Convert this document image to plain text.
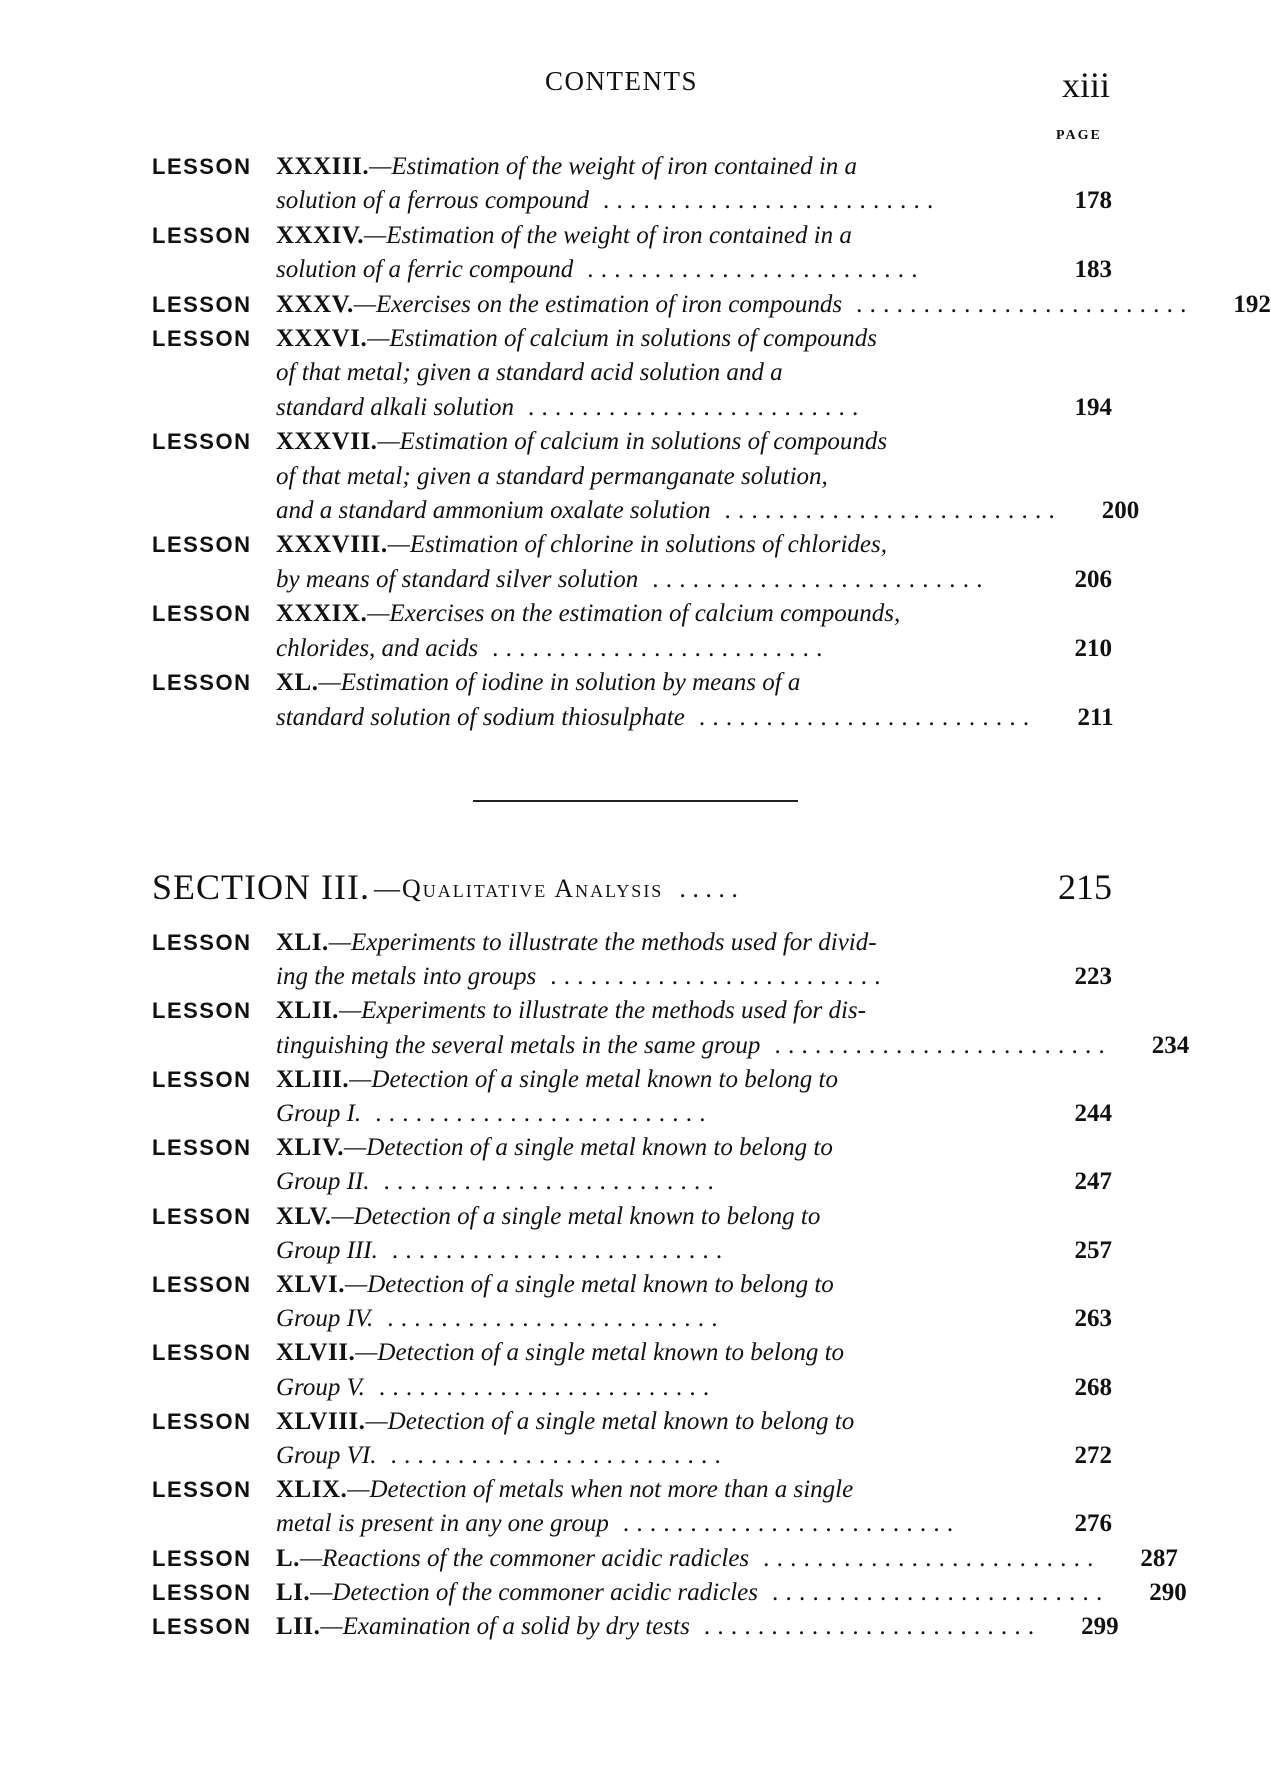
CONTENTS	xiii
PAGE
LESSON XXXIII.—Estimation of the weight of iron contained in a
solution of a ferrous compound . .	178
LESSON XXXIV.—Estimation of the weight of iron contained in a
solution of a ferric compound . .	183
LESSON XXXV.—Exercises on the estimation of iron compounds . .	192
LESSON XXXVI.—Estimation of calcium in solutions of compounds
of that metal; given a standard acid solution and a
standard alkali solution . .	194
LESSON XXXVII.—Estimation of calcium in solutions of compounds
of that metal; given a standard permanganate solution,
and a standard ammonium oxalate solution . .	200
LESSON XXXVIII.—Estimation of chlorine in solutions of chlorides,
by means of standard silver solution . .	206
LESSON XXXIX.—Exercises on the estimation of calcium compounds,
chlorides, and acids . .	210
LESSON XL.—Estimation of iodine in solution by means of a
standard solution of sodium thiosulphate . .	211
SECTION III. —Qualitative Analysis . . . . .	215
LESSON XLI.—Experiments to illustrate the methods used for divid-
ing the metals into groups . .	223
LESSON XLII.—Experiments to illustrate the methods used for dis-
tinguishing the several metals in the same group . .	234
LESSON XLIII.—Detection of a single metal known to belong to
Group I. . .	244
LESSON XLIV.—Detection of a single metal known to belong to
Group II. . .	247
LESSON XLV.—Detection of a single metal known to belong to
Group III. . .	257
LESSON XLVI.—Detection of a single metal known to belong to
Group IV. . .	263
LESSON XLVII.—Detection of a single metal known to belong to
Group V. . .	268
LESSON XLVIII.—Detection of a single metal known to belong to
Group VI. . .	272
LESSON XLIX.—Detection of metals when not more than a single
metal is present in any one group . .	276
LESSON L.—Reactions of the commoner acidic radicles . .	287
LESSON LI.—Detection of the commoner acidic radicles . .	290
LESSON LII.—Examination of a solid by dry tests . .	299
